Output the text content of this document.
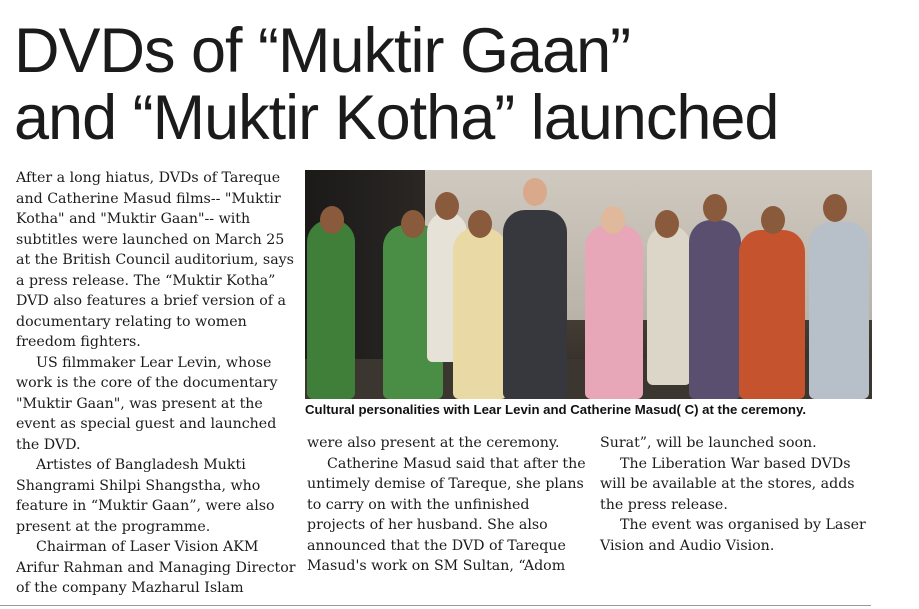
DVDs of “Muktir Gaan”
and “Muktir Kotha” launched

After a long hiatus, DVDs of Tareque and Catherine Masud films-- "Muktir Kotha" and "Muktir Gaan"-- with subtitles were launched on March 25 at the British Council auditorium, says a press release. The “Muktir Kotha” DVD also features a brief version of a documentary relating to women freedom fighters.

US filmmaker Lear Levin, whose work is the core of the documentary "Muktir Gaan", was present at the event as special guest and launched the DVD.

Artistes of Bangladesh Mukti Shangrami Shilpi Shangstha, who feature in “Muktir Gaan”, were also present at the programme.

Chairman of Laser Vision AKM Arifur Rahman and Managing Director of the company Mazharul Islam

Cultural personalities with Lear Levin and Catherine Masud( C) at the ceremony.

were also present at the ceremony.

Catherine Masud said that after the untimely demise of Tareque, she plans to carry on with the unfinished projects of her husband. She also announced that the DVD of Tareque Masud's work on SM Sultan, “Adom

Surat”, will be launched soon.

The Liberation War based DVDs will be available at the stores, adds the press release.

The event was organised by Laser Vision and Audio Vision.
